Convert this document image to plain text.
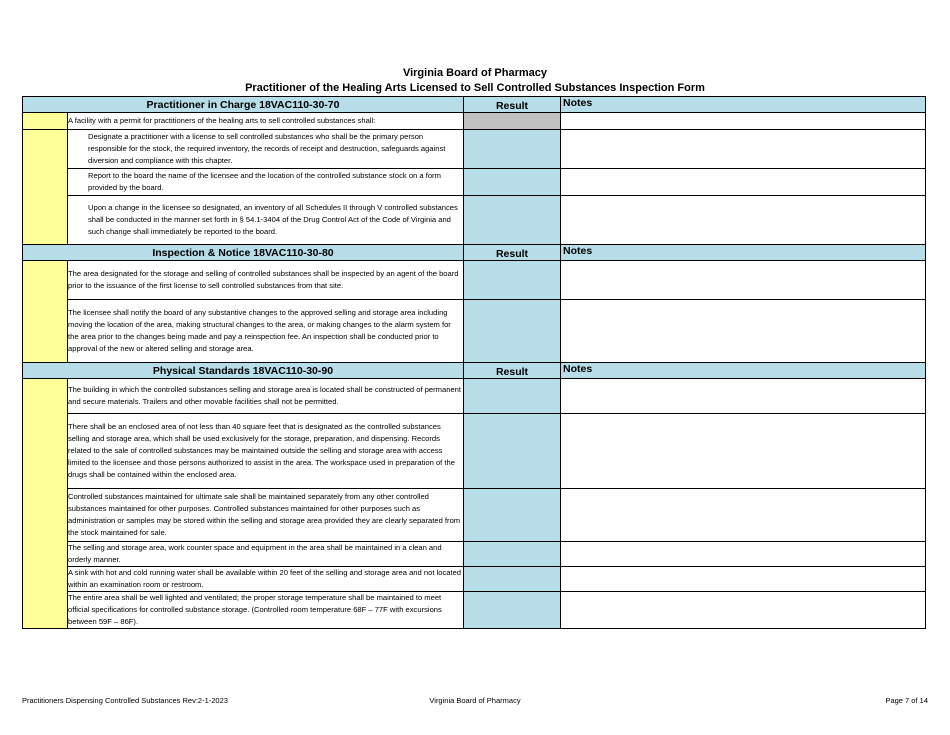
Virginia Board of Pharmacy
Practitioner of the Healing Arts Licensed to Sell Controlled Substances Inspection Form
Practitioner in Charge 18VAC110-30-70		Result	Notes
	A facility with a permit for practitioners of the healing arts to sell controlled substances shall:		
	Designate a practitioner with a license to sell controlled substances who shall be the primary person responsible for the stock, the required inventory, the records of receipt and destruction, safeguards against diversion and compliance with this chapter.		
	Report to the board the name of the licensee and the location of the controlled substance stock on a form provided by the board.		
	Upon a change in the licensee so designated, an inventory of all Schedules II through V controlled substances shall be conducted in the manner set forth in § 54.1-3404 of the Drug Control Act of the Code of Virginia and such change shall immediately be reported to the board.		
Inspection & Notice 18VAC110-30-80		Result	Notes
	The area designated for the storage and selling of controlled substances shall be inspected by an agent of the board prior to the issuance of the first license to sell controlled substances from that site.		
	The licensee shall notify the board of any substantive changes to the approved selling and storage area including moving the location of the area, making structural changes to the area, or making changes to the alarm system for the area prior to the changes being made and pay a reinspection fee. An inspection shall be conducted prior to approval of the new or altered selling and storage area.		
Physical Standards 18VAC110-30-90		Result	Notes
	The building in which the controlled substances selling and storage area is located shall be constructed of permanent and secure materials. Trailers and other movable facilities shall not be permitted.		
	There shall be an enclosed area of not less than 40 square feet that is designated as the controlled substances selling and storage area, which shall be used exclusively for the storage, preparation, and dispensing. Records related to the sale of controlled substances may be maintained outside the selling and storage area with access limited to the licensee and those persons authorized to assist in the area. The workspace used in preparation of the drugs shall be contained within the enclosed area.		
	Controlled substances maintained for ultimate sale shall be maintained separately from any other controlled substances maintained for other purposes. Controlled substances maintained for other purposes such as administration or samples may be stored within the selling and storage area provided they are clearly separated from the stock maintained for sale.		
	The selling and storage area, work counter space and equipment in the area shall be maintained in a clean and orderly manner.		
	A sink with hot and cold running water shall be available within 20 feet of the selling and storage area and not located within an examination room or restroom.		
	The entire area shall be well lighted and ventilated; the proper storage temperature shall be maintained to meet official specifications for controlled substance storage. (Controlled room temperature 68F – 77F with excursions between 59F – 86F).		
Practitioners Dispensing Controlled Substances Rev:2-1-2023	Virginia Board of Pharmacy	Page 7 of 14
